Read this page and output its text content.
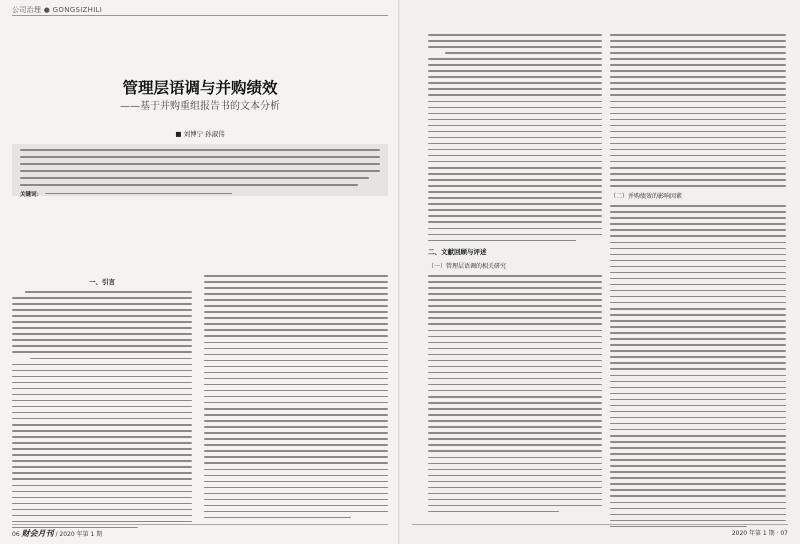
公司治理 ● GONGSIZHILI
管理层语调与并购绩效
——基于并购重组报告书的文本分析
■ 刘博宁 孙淑伟
关键词：
一、引言
06 财会月刊 / 2020 年第 1 期
二、文献回顾与评述
（一）管理层语调的相关研究
（二）并购绩效的影响因素
2020 年第 1 期 · 07
